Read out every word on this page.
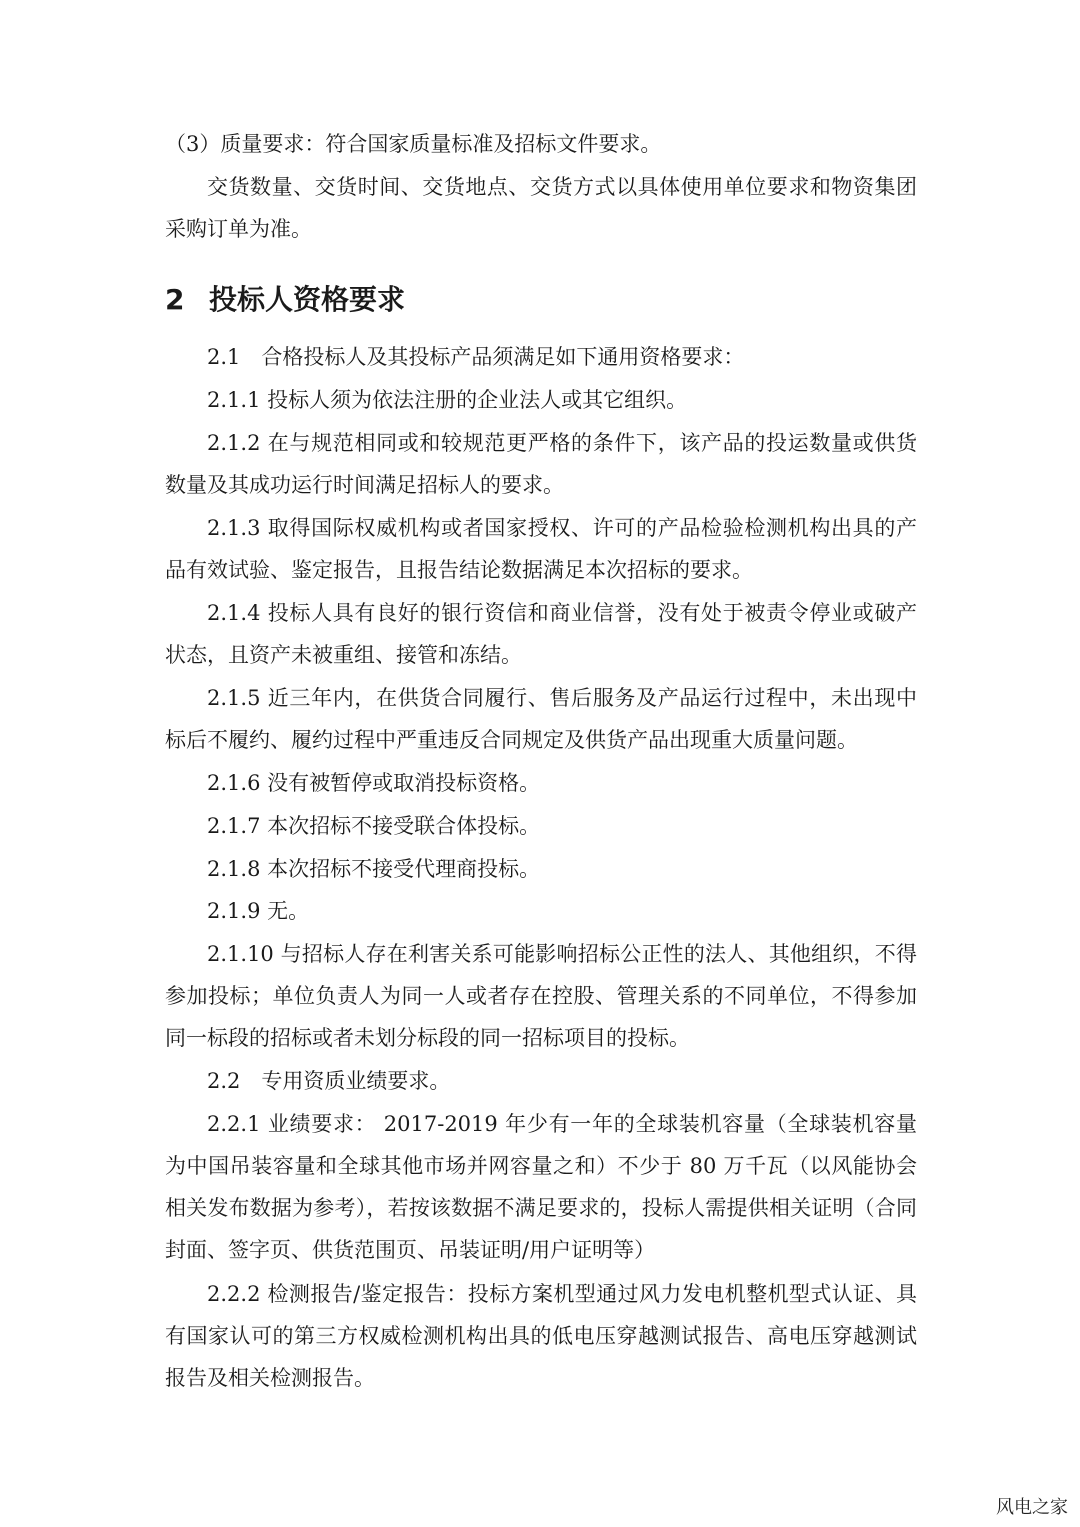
（3）质量要求：符合国家质量标准及招标文件要求。

交货数量、交货时间、交货地点、交货方式以具体使用单位要求和物资集团采购订单为准。

2 投标人资格要求

2.1　合格投标人及其投标产品须满足如下通用资格要求：

2.1.1 投标人须为依法注册的企业法人或其它组织。

2.1.2 在与规范相同或和较规范更严格的条件下，该产品的投运数量或供货数量及其成功运行时间满足招标人的要求。

2.1.3 取得国际权威机构或者国家授权、许可的产品检验检测机构出具的产品有效试验、鉴定报告，且报告结论数据满足本次招标的要求。

2.1.4 投标人具有良好的银行资信和商业信誉，没有处于被责令停业或破产状态，且资产未被重组、接管和冻结。

2.1.5 近三年内，在供货合同履行、售后服务及产品运行过程中，未出现中标后不履约、履约过程中严重违反合同规定及供货产品出现重大质量问题。

2.1.6 没有被暂停或取消投标资格。

2.1.7 本次招标不接受联合体投标。

2.1.8 本次招标不接受代理商投标。

2.1.9 无。

2.1.10 与招标人存在利害关系可能影响招标公正性的法人、其他组织，不得参加投标；单位负责人为同一人或者存在控股、管理关系的不同单位，不得参加同一标段的招标或者未划分标段的同一招标项目的投标。

2.2　专用资质业绩要求。

2.2.1 业绩要求： 2017-2019 年少有一年的全球装机容量（全球装机容量为中国吊装容量和全球其他市场并网容量之和）不少于 80 万千瓦（以风能协会相关发布数据为参考），若按该数据不满足要求的，投标人需提供相关证明（合同封面、签字页、供货范围页、吊装证明/用户证明等）

2.2.2 检测报告/鉴定报告：投标方案机型通过风力发电机整机型式认证、具有国家认可的第三方权威检测机构出具的低电压穿越测试报告、高电压穿越测试报告及相关检测报告。

风电之家
